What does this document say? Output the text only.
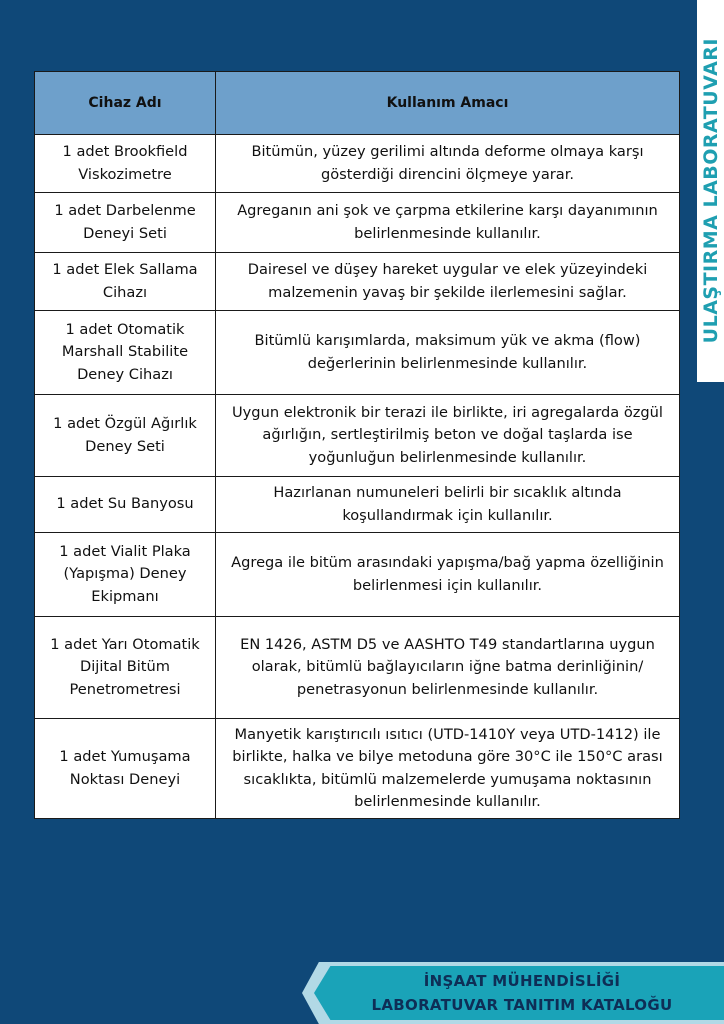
ULAŞTIRMA LABORATUVARI
Cihaz Adı	Kullanım Amacı
1 adet Brookfield Viskozimetre	Bitümün, yüzey gerilimi altında deforme olmaya karşı gösterdiği direncini ölçmeye yarar.
1 adet Darbelenme Deneyi Seti	Agreganın ani şok ve çarpma etkilerine karşı dayanımının belirlenmesinde kullanılır.
1 adet Elek Sallama Cihazı	Dairesel ve düşey hareket uygular ve elek yüzeyindeki malzemenin yavaş bir şekilde ilerlemesini sağlar.
1 adet Otomatik Marshall Stabilite Deney Cihazı	Bitümlü karışımlarda, maksimum yük ve akma (flow) değerlerinin belirlenmesinde kullanılır.
1 adet Özgül Ağırlık Deney Seti	Uygun elektronik bir terazi ile birlikte, iri agregalarda özgül ağırlığın, sertleştirilmiş beton ve doğal taşlarda ise yoğunluğun belirlenmesinde kullanılır.
1 adet Su Banyosu	Hazırlanan numuneleri belirli bir sıcaklık altında koşullandırmak için kullanılır.
1 adet Vialit Plaka (Yapışma) Deney Ekipmanı	Agrega ile bitüm arasındaki yapışma/bağ yapma özelliğinin belirlenmesi için kullanılır.
1 adet Yarı Otomatik Dijital Bitüm Penetrometresi	EN 1426, ASTM D5 ve AASHTO T49 standartlarına uygun olarak, bitümlü bağlayıcıların iğne batma derinliğinin/ penetrasyonun belirlenmesinde kullanılır.
1 adet Yumuşama Noktası Deneyi	Manyetik karıştırıcılı ısıtıcı (UTD-1410Y veya UTD-1412) ile birlikte, halka ve bilye metoduna göre 30°C ile 150°C arası sıcaklıkta, bitümlü malzemelerde yumuşama noktasının belirlenmesinde kullanılır.
İNŞAAT MÜHENDİSLİĞİ
LABORATUVAR TANITIM KATALOĞU
